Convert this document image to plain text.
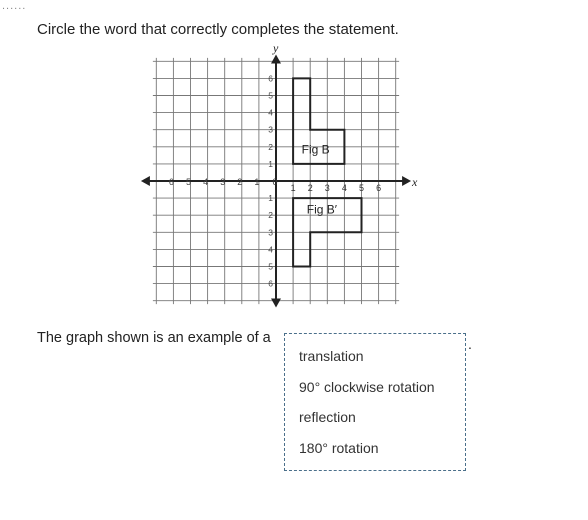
......
Circle the word that correctly completes the statement.
x
y
6 5 4 3 2 1 0
1 2 3 4 5 6
6
5
4
3
2
1
1
2
3
4
5
6
Fig B
Fig B′
The graph shown is an example of a	.
translation
90° clockwise rotation
reflection
180° rotation
